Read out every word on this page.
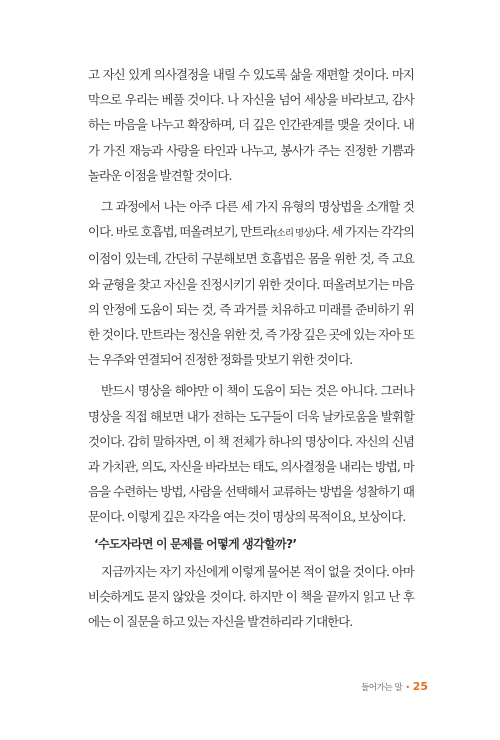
고 자신 있게 의사결정을 내릴 수 있도록 삶을 재편할 것이다. 마지막으로 우리는 베풀 것이다. 나 자신을 넘어 세상을 바라보고, 감사하는 마음을 나누고 확장하며, 더 깊은 인간관계를 맺을 것이다. 내가 가진 재능과 사랑을 타인과 나누고, 봉사가 주는 진정한 기쁨과 놀라운 이점을 발견할 것이다.

그 과정에서 나는 아주 다른 세 가지 유형의 명상법을 소개할 것이다. 바로 호흡법, 떠올려보기, 만트라(소리 명상)다. 세 가지는 각각의 이점이 있는데, 간단히 구분해보면 호흡법은 몸을 위한 것, 즉 고요와 균형을 찾고 자신을 진정시키기 위한 것이다. 떠올려보기는 마음의 안정에 도움이 되는 것, 즉 과거를 치유하고 미래를 준비하기 위한 것이다. 만트라는 정신을 위한 것, 즉 가장 깊은 곳에 있는 자아 또는 우주와 연결되어 진정한 정화를 맛보기 위한 것이다.

반드시 명상을 해야만 이 책이 도움이 되는 것은 아니다. 그러나 명상을 직접 해보면 내가 전하는 도구들이 더욱 날카로움을 발휘할 것이다. 감히 말하자면, 이 책 전체가 하나의 명상이다. 자신의 신념과 가치관, 의도, 자신을 바라보는 태도, 의사결정을 내리는 방법, 마음을 수련하는 방법, 사람을 선택해서 교류하는 방법을 성찰하기 때문이다. 이렇게 깊은 자각을 여는 것이 명상의 목적이요, 보상이다.

‘수도자라면 이 문제를 어떻게 생각할까?’

지금까지는 자기 자신에게 이렇게 물어본 적이 없을 것이다. 아마 비슷하게도 묻지 않았을 것이다. 하지만 이 책을 끝까지 읽고 난 후에는 이 질문을 하고 있는 자신을 발견하리라 기대한다.

들어가는 말 • 25
